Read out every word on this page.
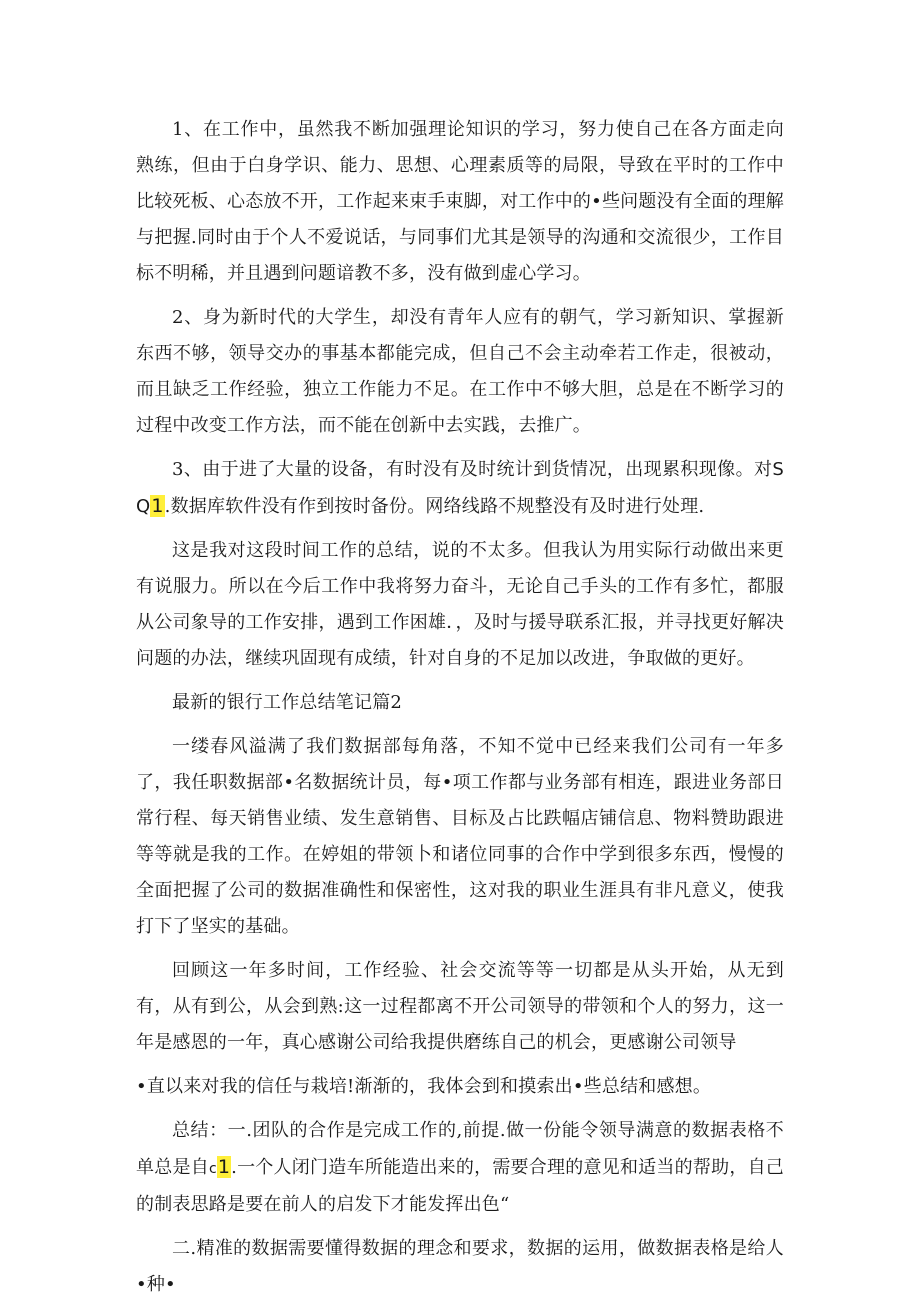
1、在工作中，虽然我不断加强理论知识的学习，努力使自己在各方面走向熟练，但由于白身学识、能力、思想、心理素质等的局限，导致在平时的工作中比较死板、心态放不开，工作起来束手束脚，对工作中的•些问题没有全面的理解与把握.同时由于个人不爱说话，与同事们尤其是领导的沟通和交流很少，工作目标不明稀，并且遇到问题谙教不多，没有做到虚心学习。

2、身为新时代的大学生，却没有青年人应有的朝气，学习新知识、掌握新东西不够，领导交办的事基本都能完成，但自己不会主动牵若工作走，很被动，而且缺乏工作经验，独立工作能力不足。在工作中不够大胆，总是在不断学习的过程中改变工作方法，而不能在创新中去实践，去推广。

3、由于进了大量的设备，有时没有及时统计到货情况，出现累积现像。对SQ1.数据库软件没有作到按时备份。网络线路不规整没有及时进行处理.

这是我对这段时间工作的总结，说的不太多。但我认为用实际行动做出来更有说服力。所以在今后工作中我将努力奋斗，无论自己手头的工作有多忙，都服从公司象导的工作安排，遇到工作困雄．，及时与援导联系汇报，并寻找更好解决问题的办法，继续巩固现有成绩，针对自身的不足加以改进，争取做的更好。

最新的银行工作总结笔记篇2

一缕春风溢满了我们数据部每角落，不知不觉中已经来我们公司有一年多了，我任职数据部•名数据统计员，每•项工作都与业务部有相连，跟进业务部日常行程、每天销售业绩、发生意销售、目标及占比跌幅店铺信息、物料赞助跟进等等就是我的工作。在婷姐的带领卜和诸位同事的合作中学到很多东西，慢慢的全面把握了公司的数据准确性和保密性，这对我的职业生涯具有非凡意义，使我打下了坚实的基础。

回顾这一年多时间，工作经验、社会交流等等一切都是从头开始，从无到有，从有到公，从会到熟:这一过程都离不开公司领导的带领和个人的努力，这一年是感恩的一年，真心感谢公司给我提供磨练自己的机会，更感谢公司领导

•直以来对我的信任与栽培!渐渐的，我体会到和摸索出•些总结和感想。

总结：一.团队的合作是完成工作的,前提.做一份能令领导满意的数据表格不单总是自c1.一个人闭门造车所能造出来的，需要合理的意见和适当的帮助，自己的制表思路是要在前人的启发下才能发挥出色“

二.精准的数据需要懂得数据的理念和要求，数据的运用，做数据表格是给人•种•
